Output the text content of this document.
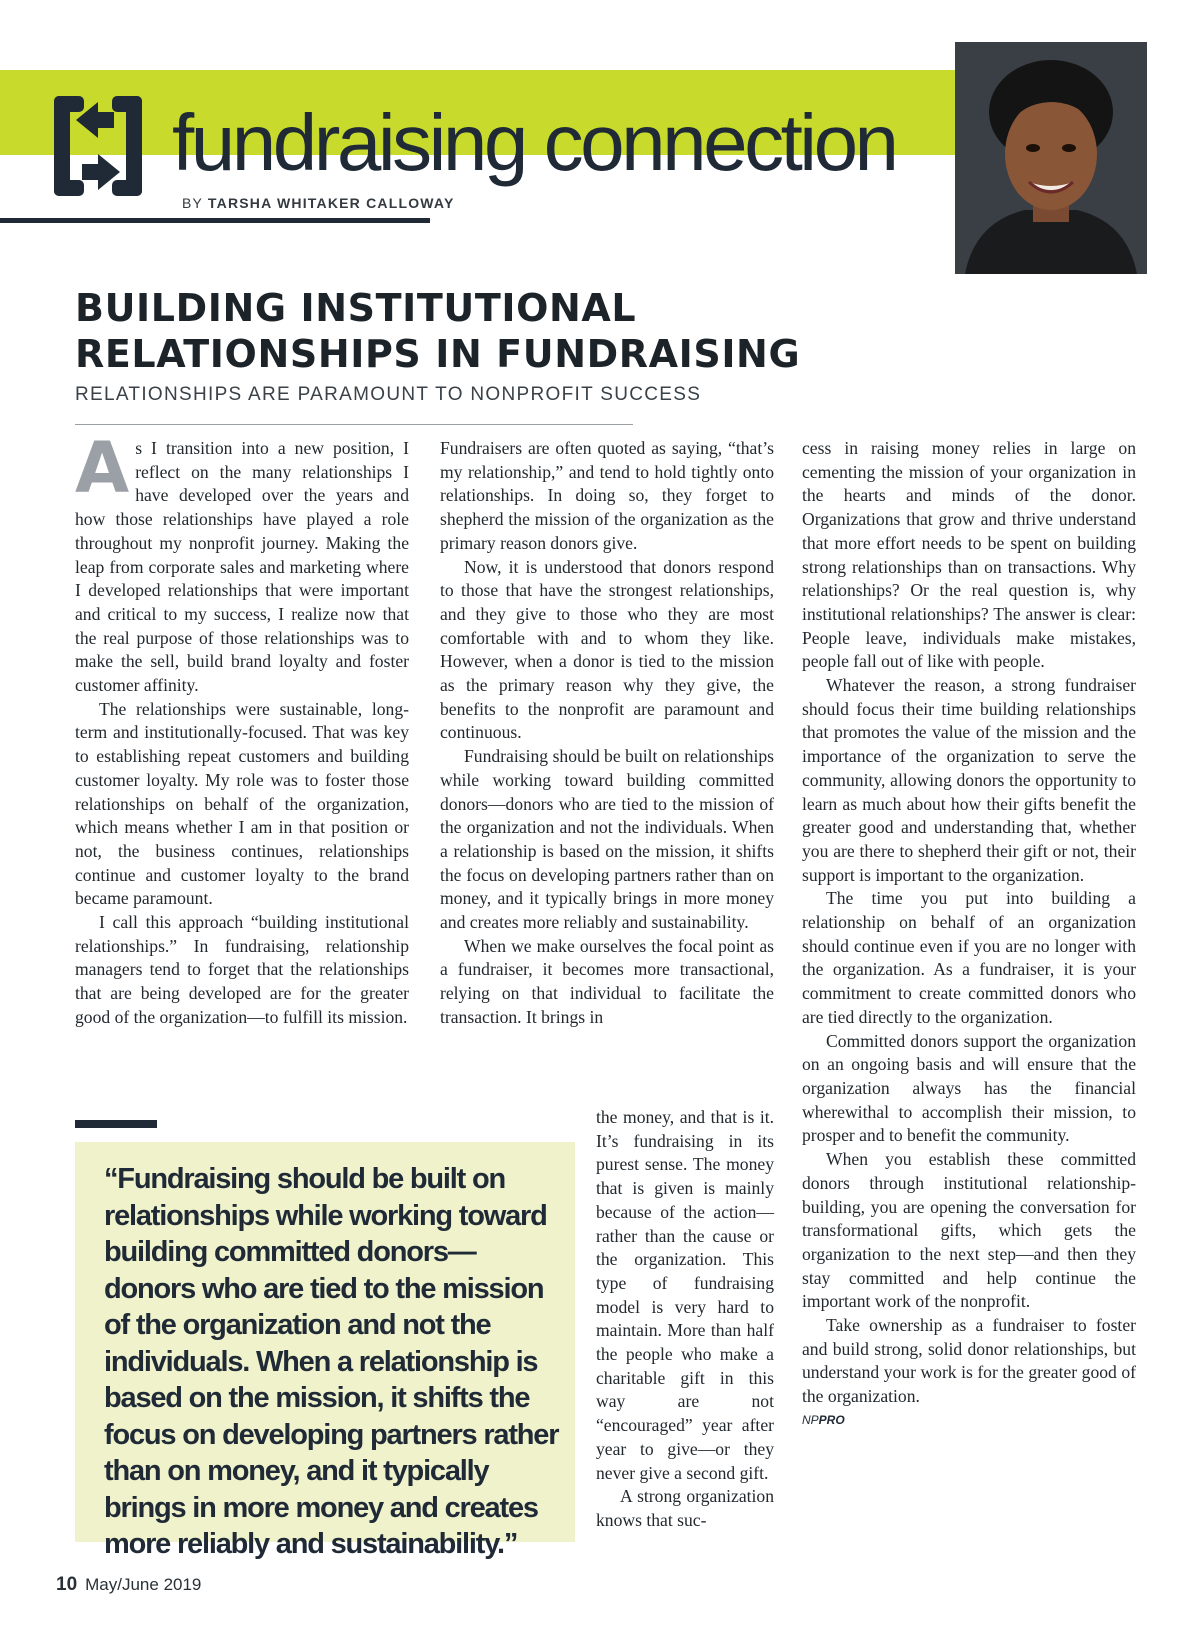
fundraising connection
BY TARSHA WHITAKER CALLOWAY
BUILDING INSTITUTIONAL RELATIONSHIPS IN FUNDRAISING
RELATIONSHIPS ARE PARAMOUNT TO NONPROFIT SUCCESS

As I transition into a new position, I reflect on the many relationships I have developed over the years and how those relationships have played a role throughout my nonprofit journey. Making the leap from corporate sales and marketing where I developed relationships that were important and critical to my success, I realize now that the real purpose of those relationships was to make the sell, build brand loyalty and foster customer affinity.

The relationships were sustainable, long-term and institutionally-focused. That was key to establishing repeat customers and building customer loyalty. My role was to foster those relationships on behalf of the organization, which means whether I am in that position or not, the business continues, relationships continue and customer loyalty to the brand became paramount.

I call this approach “building institutional relationships.” In fundraising, relationship managers tend to forget that the relationships that are being developed are for the greater good of the organization—to fulfill its mission.

Fundraisers are often quoted as saying, “that’s my relationship,” and tend to hold tightly onto relationships. In doing so, they forget to shepherd the mission of the organization as the primary reason donors give.

Now, it is understood that donors respond to those that have the strongest relationships, and they give to those who they are most comfortable with and to whom they like. However, when a donor is tied to the mission as the primary reason why they give, the benefits to the nonprofit are paramount and continuous.

Fundraising should be built on relationships while working toward building committed donors—donors who are tied to the mission of the organization and not the individuals. When a relationship is based on the mission, it shifts the focus on developing partners rather than on money, and it typically brings in more money and creates more reliably and sustainability.

When we make ourselves the focal point as a fundraiser, it becomes more transactional, relying on that individual to facilitate the transaction. It brings in

the money, and that is it. It’s fundraising in its purest sense. The money that is given is mainly because of the action—rather than the cause or the organization. This type of fundraising model is very hard to maintain. More than half the people who make a charitable gift in this way are not “encouraged” year after year to give—or they never give a second gift.

A strong organization knows that suc-

cess in raising money relies in large on cementing the mission of your organization in the hearts and minds of the donor. Organizations that grow and thrive understand that more effort needs to be spent on building strong relationships than on transactions. Why relationships? Or the real question is, why institutional relationships? The answer is clear: People leave, individuals make mistakes, people fall out of like with people.

Whatever the reason, a strong fundraiser should focus their time building relationships that promotes the value of the mission and the importance of the organization to serve the community, allowing donors the opportunity to learn as much about how their gifts benefit the greater good and understanding that, whether you are there to shepherd their gift or not, their support is important to the organization.

The time you put into building a relationship on behalf of an organization should continue even if you are no longer with the organization. As a fundraiser, it is your commitment to create committed donors who are tied directly to the organization.

Committed donors support the organization on an ongoing basis and will ensure that the organization always has the financial wherewithal to accomplish their mission, to prosper and to benefit the community.

When you establish these committed donors through institutional relationship-building, you are opening the conversation for transformational gifts, which gets the organization to the next step—and then they stay committed and help continue the important work of the nonprofit.

Take ownership as a fundraiser to foster and build strong, solid donor relationships, but understand your work is for the greater good of the organization.

NPPRO

“Fundraising should be built on relationships while working toward building committed donors—donors who are tied to the mission of the organization and not the individuals. When a relationship is based on the mission, it shifts the focus on developing partners rather than on money, and it typically brings in more money and creates more reliably and sustainability.”

10 May/June 2019
